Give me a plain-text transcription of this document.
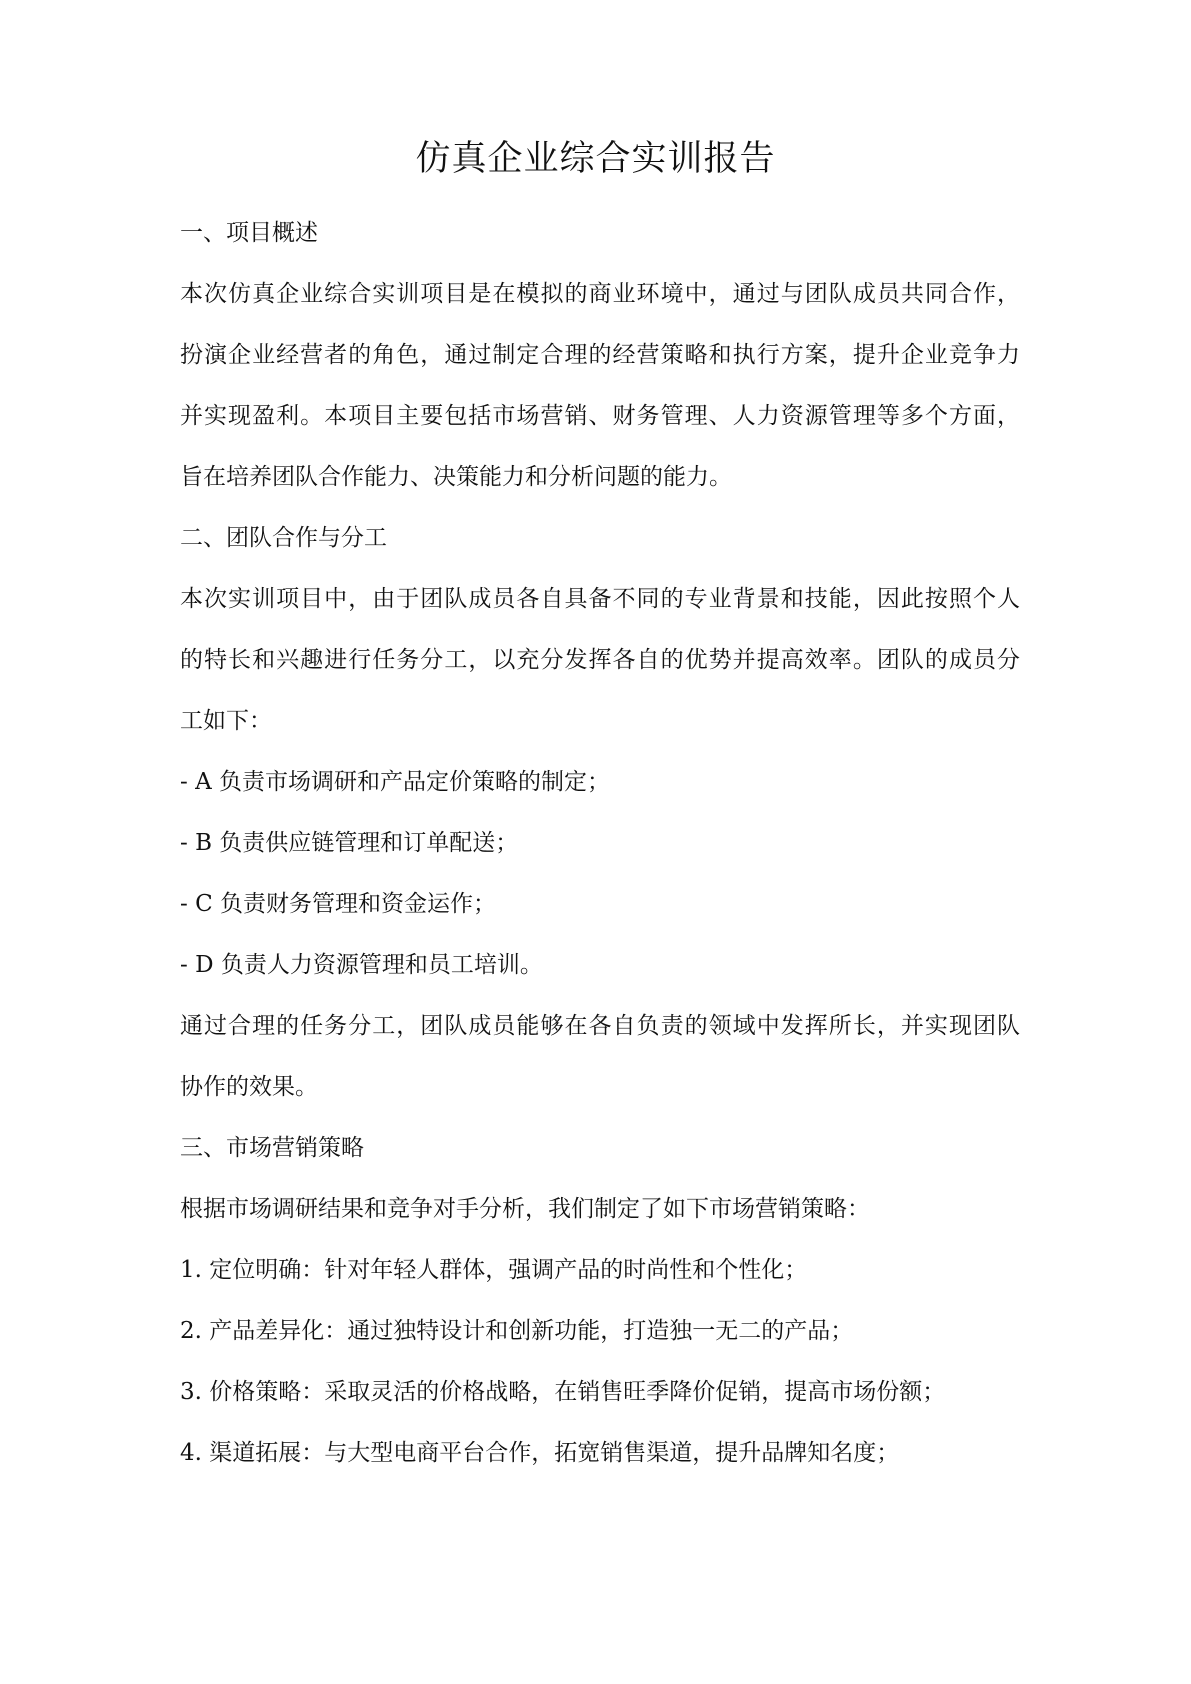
仿真企业综合实训报告

一、项目概述

本次仿真企业综合实训项目是在模拟的商业环境中，通过与团队成员共同合作，

扮演企业经营者的角色，通过制定合理的经营策略和执行方案，提升企业竞争力

并实现盈利。本项目主要包括市场营销、财务管理、人力资源管理等多个方面，

旨在培养团队合作能力、决策能力和分析问题的能力。

二、团队合作与分工

本次实训项目中，由于团队成员各自具备不同的专业背景和技能，因此按照个人

的特长和兴趣进行任务分工，以充分发挥各自的优势并提高效率。团队的成员分

工如下：

- A 负责市场调研和产品定价策略的制定；

- B 负责供应链管理和订单配送；

- C 负责财务管理和资金运作；

- D 负责人力资源管理和员工培训。

通过合理的任务分工，团队成员能够在各自负责的领域中发挥所长，并实现团队

协作的效果。

三、市场营销策略

根据市场调研结果和竞争对手分析，我们制定了如下市场营销策略：

1. 定位明确：针对年轻人群体，强调产品的时尚性和个性化；

2. 产品差异化：通过独特设计和创新功能，打造独一无二的产品；

3. 价格策略：采取灵活的价格战略，在销售旺季降价促销，提高市场份额；

4. 渠道拓展：与大型电商平台合作，拓宽销售渠道，提升品牌知名度；
